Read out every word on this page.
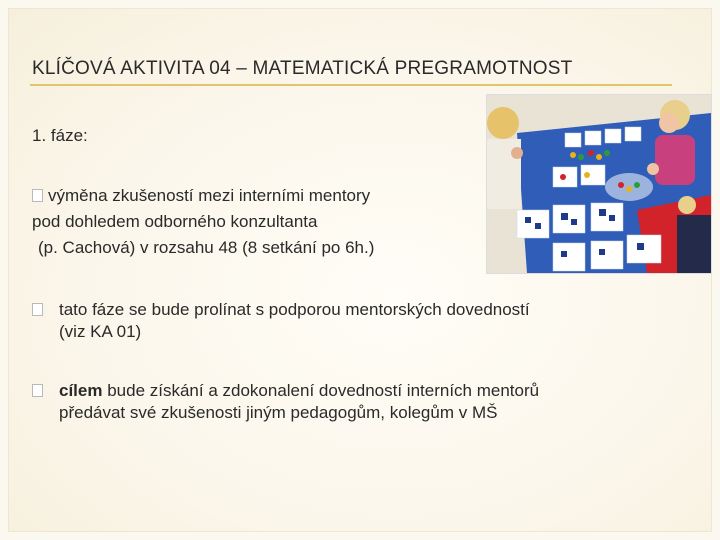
KLÍČOVÁ AKTIVITA 04 – MATEMATICKÁ PREGRAMOTNOST
1. fáze:
výměna zkušeností mezi interními mentory
pod dohledem odborného konzultanta
(p. Cachová) v rozsahu 48 (8 setkání po 6h.)
tato fáze se bude prolínat s podporou mentorských dovedností
(viz KA 01)
cílem bude získání a zdokonalení dovedností interních mentorů
předávat své zkušenosti jiným pedagogům, kolegům v MŠ
